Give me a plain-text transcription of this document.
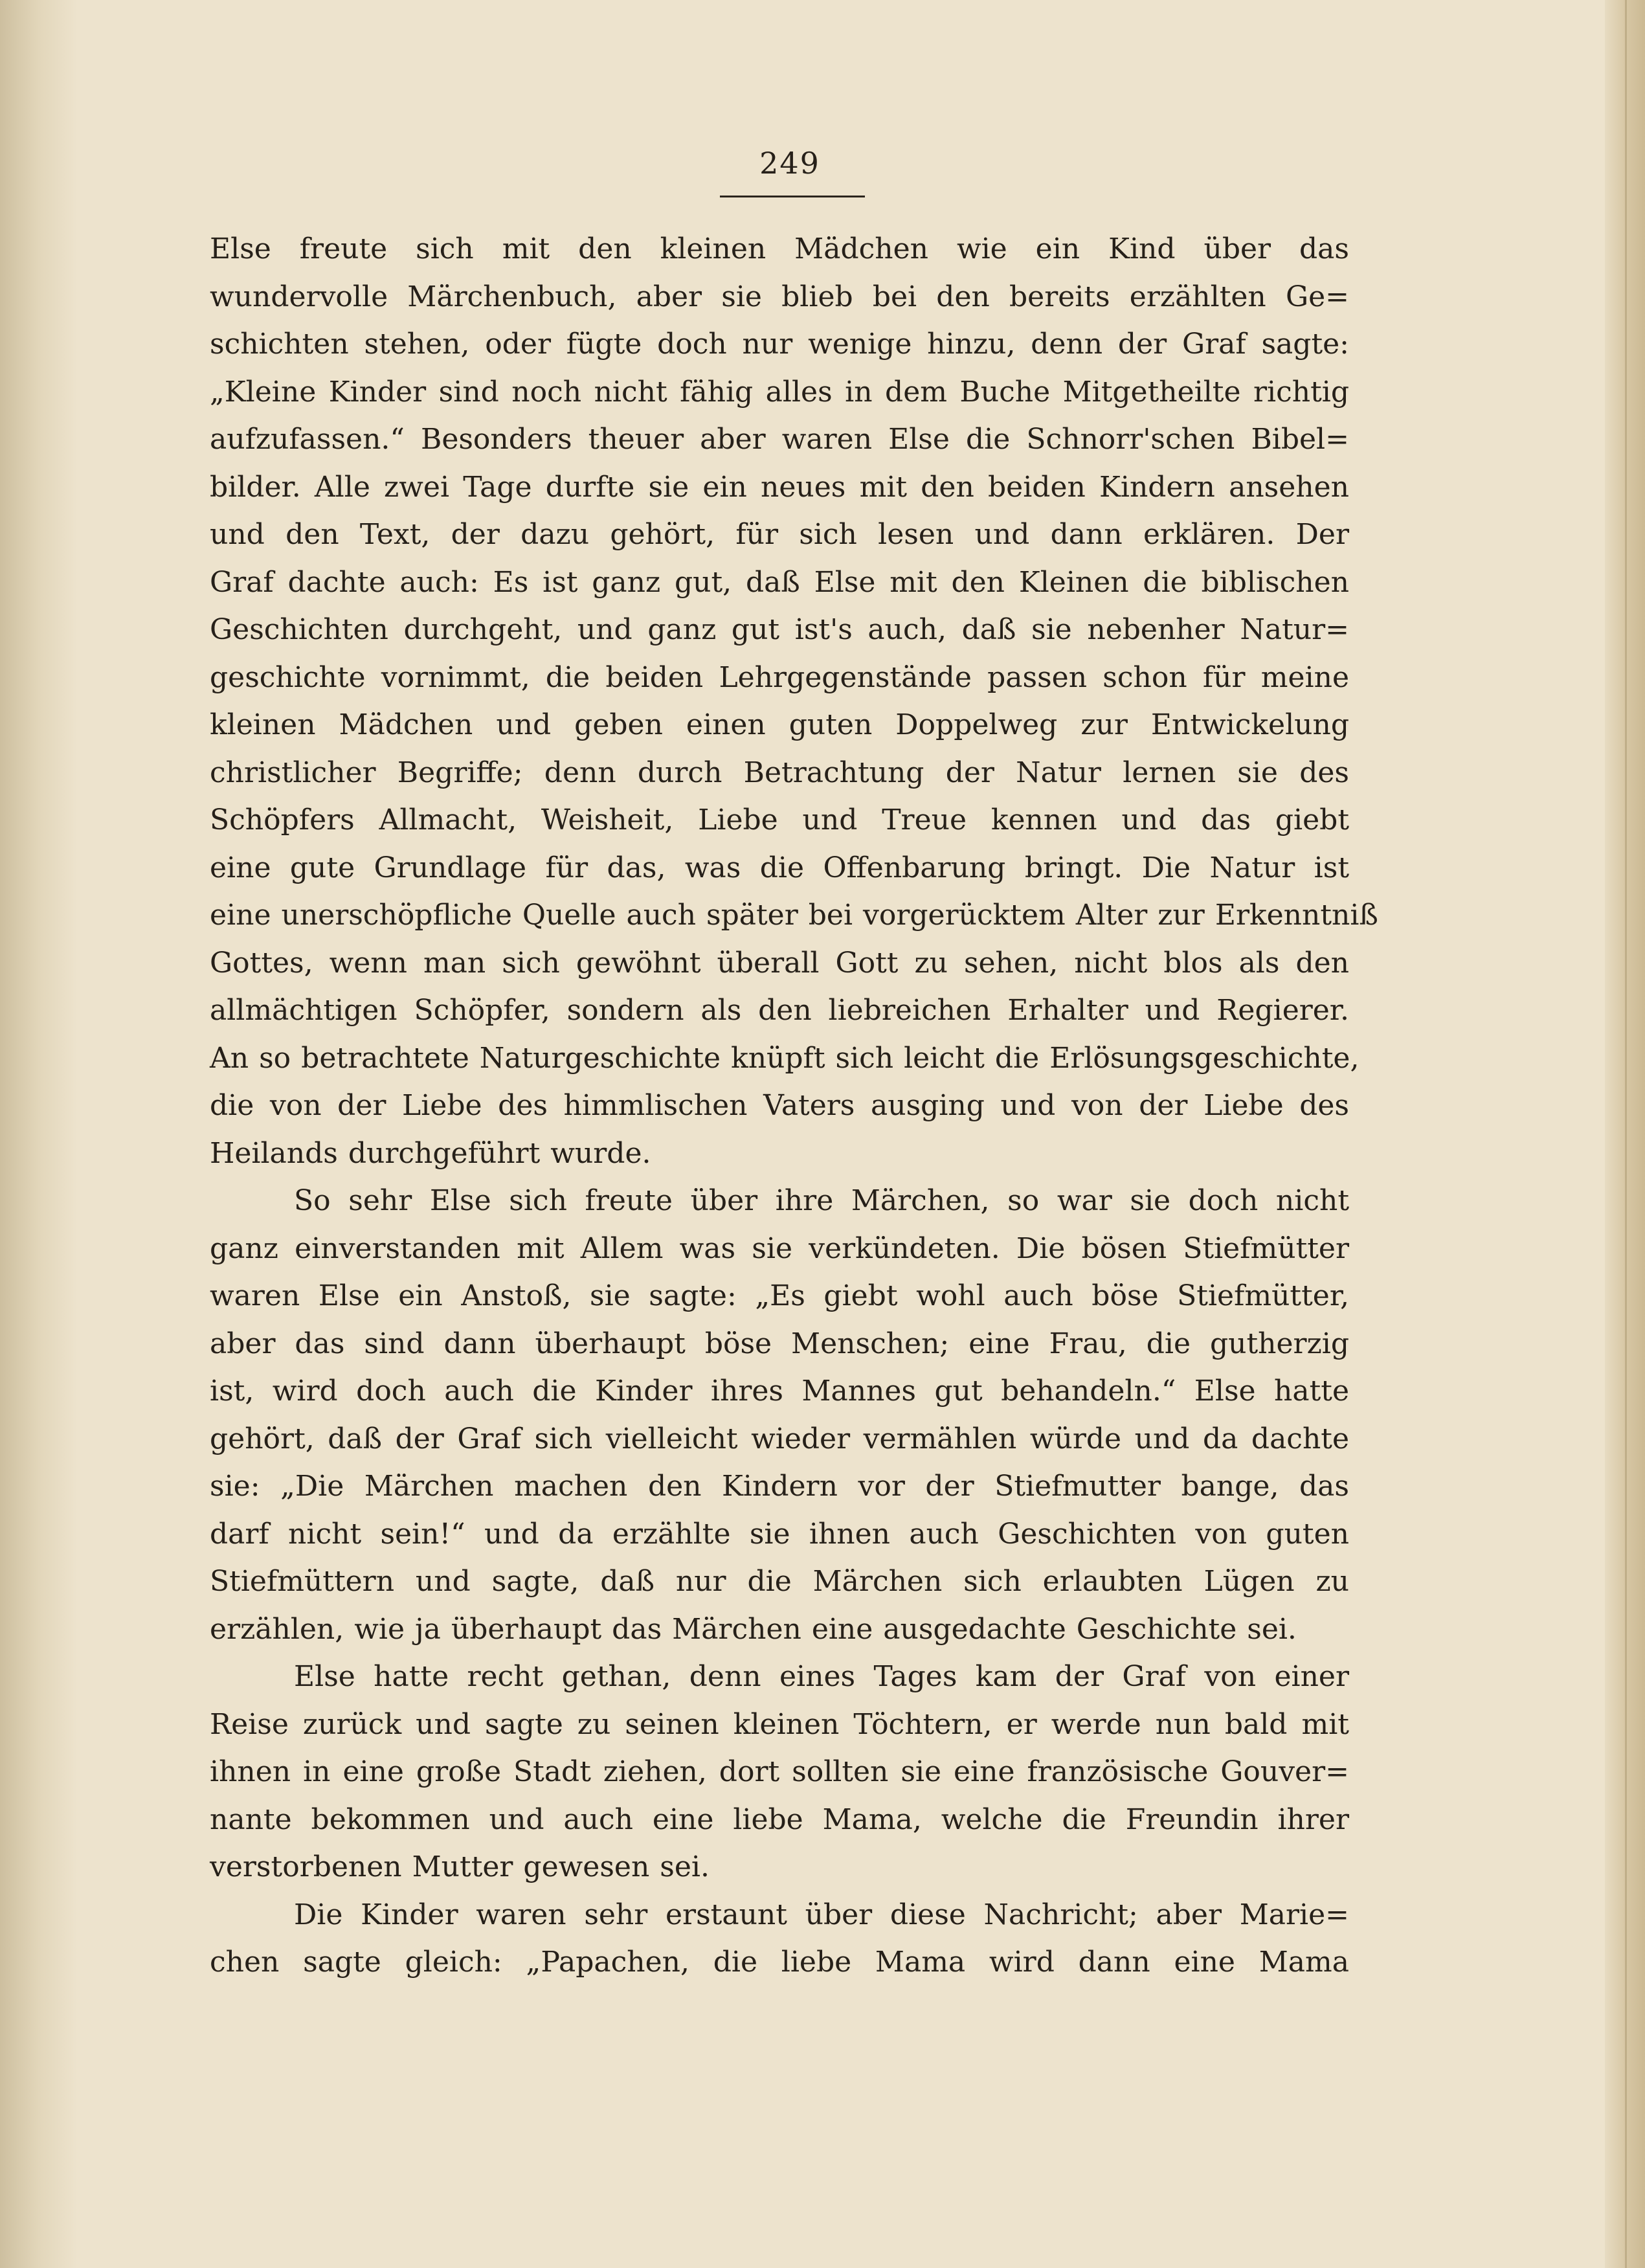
249
Else freute sich mit den kleinen Mädchen wie ein Kind über das
wundervolle Märchenbuch, aber sie blieb bei den bereits erzählten Ge=
schichten stehen, oder fügte doch nur wenige hinzu, denn der Graf sagte:
„Kleine Kinder sind noch nicht fähig alles in dem Buche Mitgetheilte richtig
aufzufassen.“ Besonders theuer aber waren Else die Schnorr'schen Bibel=
bilder. Alle zwei Tage durfte sie ein neues mit den beiden Kindern ansehen
und den Text, der dazu gehört, für sich lesen und dann erklären. Der
Graf dachte auch: Es ist ganz gut, daß Else mit den Kleinen die biblischen
Geschichten durchgeht, und ganz gut ist's auch, daß sie nebenher Natur=
geschichte vornimmt, die beiden Lehrgegenstände passen schon für meine
kleinen Mädchen und geben einen guten Doppelweg zur Entwickelung
christlicher Begriffe; denn durch Betrachtung der Natur lernen sie des
Schöpfers Allmacht, Weisheit, Liebe und Treue kennen und das giebt
eine gute Grundlage für das, was die Offenbarung bringt. Die Natur ist
eine unerschöpfliche Quelle auch später bei vorgerücktem Alter zur Erkenntniß
Gottes, wenn man sich gewöhnt überall Gott zu sehen, nicht blos als den
allmächtigen Schöpfer, sondern als den liebreichen Erhalter und Regierer.
An so betrachtete Naturgeschichte knüpft sich leicht die Erlösungsgeschichte,
die von der Liebe des himmlischen Vaters ausging und von der Liebe des
Heilands durchgeführt wurde.
So sehr Else sich freute über ihre Märchen, so war sie doch nicht
ganz einverstanden mit Allem was sie verkündeten. Die bösen Stiefmütter
waren Else ein Anstoß, sie sagte: „Es giebt wohl auch böse Stiefmütter,
aber das sind dann überhaupt böse Menschen; eine Frau, die gutherzig
ist, wird doch auch die Kinder ihres Mannes gut behandeln.“ Else hatte
gehört, daß der Graf sich vielleicht wieder vermählen würde und da dachte
sie: „Die Märchen machen den Kindern vor der Stiefmutter bange, das
darf nicht sein!“ und da erzählte sie ihnen auch Geschichten von guten
Stiefmüttern und sagte, daß nur die Märchen sich erlaubten Lügen zu
erzählen, wie ja überhaupt das Märchen eine ausgedachte Geschichte sei.
Else hatte recht gethan, denn eines Tages kam der Graf von einer
Reise zurück und sagte zu seinen kleinen Töchtern, er werde nun bald mit
ihnen in eine große Stadt ziehen, dort sollten sie eine französische Gouver=
nante bekommen und auch eine liebe Mama, welche die Freundin ihrer
verstorbenen Mutter gewesen sei.
Die Kinder waren sehr erstaunt über diese Nachricht; aber Marie=
chen sagte gleich: „Papachen, die liebe Mama wird dann eine Mama
